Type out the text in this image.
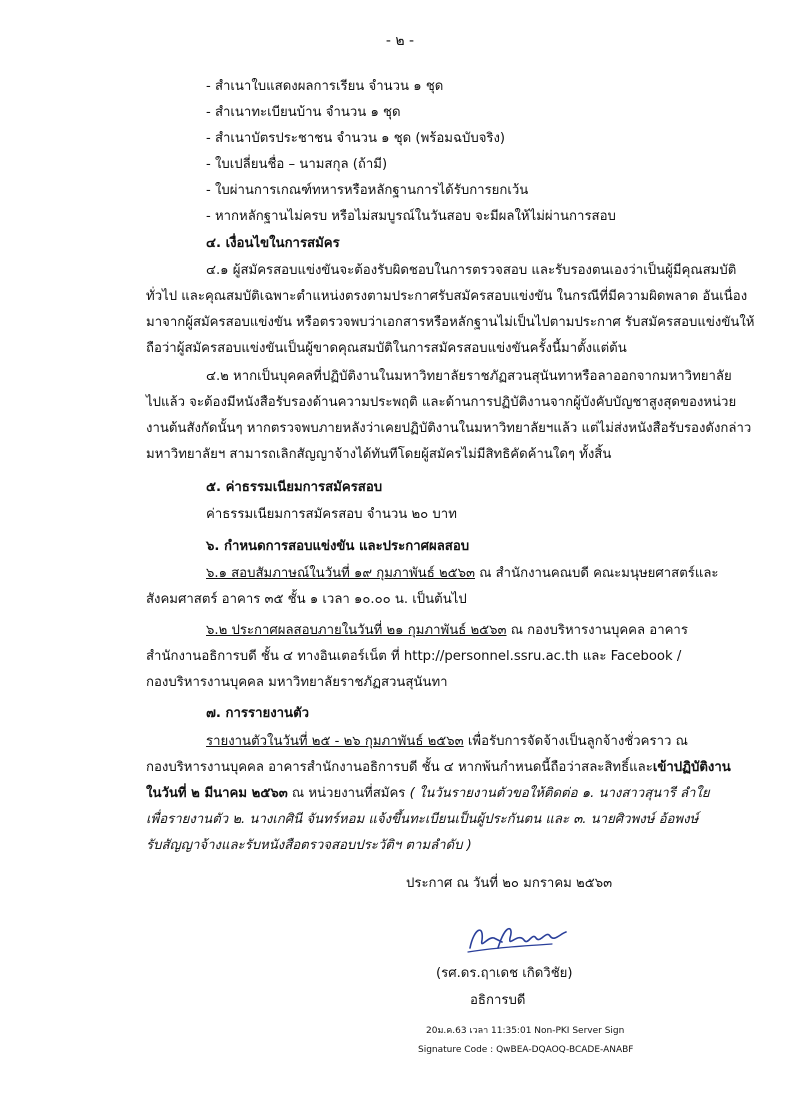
- ๒ -
- สำเนาใบแสดงผลการเรียน จำนวน ๑ ชุด
- สำเนาทะเบียนบ้าน จำนวน ๑ ชุด
- สำเนาบัตรประชาชน จำนวน ๑ ชุด (พร้อมฉบับจริง)
- ใบเปลี่ยนชื่อ – นามสกุล (ถ้ามี)
- ใบผ่านการเกณฑ์ทหารหรือหลักฐานการได้รับการยกเว้น
- หากหลักฐานไม่ครบ หรือไม่สมบูรณ์ในวันสอบ จะมีผลให้ไม่ผ่านการสอบ
๔. เงื่อนไขในการสมัคร
๔.๑ ผู้สมัครสอบแข่งขันจะต้องรับผิดชอบในการตรวจสอบ และรับรองตนเองว่าเป็นผู้มีคุณสมบัติ
ทั่วไป และคุณสมบัติเฉพาะตำแหน่งตรงตามประกาศรับสมัครสอบแข่งขัน ในกรณีที่มีความผิดพลาด อันเนื่อง
มาจากผู้สมัครสอบแข่งขัน หรือตรวจพบว่าเอกสารหรือหลักฐานไม่เป็นไปตามประกาศ รับสมัครสอบแข่งขันให้
ถือว่าผู้สมัครสอบแข่งขันเป็นผู้ขาดคุณสมบัติในการสมัครสอบแข่งขันครั้งนี้มาตั้งแต่ต้น
๔.๒ หากเป็นบุคคลที่ปฏิบัติงานในมหาวิทยาลัยราชภัฏสวนสุนันทาหรือลาออกจากมหาวิทยาลัย
ไปแล้ว จะต้องมีหนังสือรับรองด้านความประพฤติ และด้านการปฏิบัติงานจากผู้บังคับบัญชาสูงสุดของหน่วย
งานต้นสังกัดนั้นๆ หากตรวจพบภายหลังว่าเคยปฏิบัติงานในมหาวิทยาลัยฯแล้ว แต่ไม่ส่งหนังสือรับรองดังกล่าว
มหาวิทยาลัยฯ สามารถเลิกสัญญาจ้างได้ทันทีโดยผู้สมัครไม่มีสิทธิคัดค้านใดๆ ทั้งสิ้น
๕. ค่าธรรมเนียมการสมัครสอบ
ค่าธรรมเนียมการสมัครสอบ จำนวน ๒๐ บาท
๖. กำหนดการสอบแข่งขัน และประกาศผลสอบ
๖.๑ สอบสัมภาษณ์ในวันที่ ๑๙ กุมภาพันธ์ ๒๕๖๓ ณ สำนักงานคณบดี คณะมนุษยศาสตร์และ
สังคมศาสตร์ อาคาร ๓๕ ชั้น ๑ เวลา ๑๐.๐๐ น. เป็นต้นไป
๖.๒ ประกาศผลสอบภายในวันที่ ๒๑ กุมภาพันธ์ ๒๕๖๓ ณ กองบริหารงานบุคคล อาคาร
สำนักงานอธิการบดี ชั้น ๔ ทางอินเตอร์เน็ต ที่ http://personnel.ssru.ac.th และ Facebook /
กองบริหารงานบุคคล มหาวิทยาลัยราชภัฏสวนสุนันทา
๗. การรายงานตัว
รายงานตัวในวันที่ ๒๕ - ๒๖ กุมภาพันธ์ ๒๕๖๓ เพื่อรับการจัดจ้างเป็นลูกจ้างชั่วคราว ณ
กองบริหารงานบุคคล อาคารสำนักงานอธิการบดี ชั้น ๔ หากพ้นกำหนดนี้ถือว่าสละสิทธิ์และเข้าปฏิบัติงาน
ในวันที่ ๒ มีนาคม ๒๕๖๓ ณ หน่วยงานที่สมัคร ( ในวันรายงานตัวขอให้ติดต่อ ๑. นางสาวสุนารี ลำใย
เพื่อรายงานตัว ๒. นางเกศินี จันทร์หอม แจ้งขึ้นทะเบียนเป็นผู้ประกันตน และ ๓. นายศิวพงษ์ อ้อพงษ์
รับสัญญาจ้างและรับหนังสือตรวจสอบประวัติฯ ตามลำดับ )
ประกาศ ณ วันที่ ๒๐ มกราคม ๒๕๖๓
(รศ.ดร.ฤาเดช เกิดวิชัย)
อธิการบดี
20ม.ค.63 เวลา 11:35:01 Non-PKI Server Sign
Signature Code : QwBEA-DQAOQ-BCADE-ANABF
